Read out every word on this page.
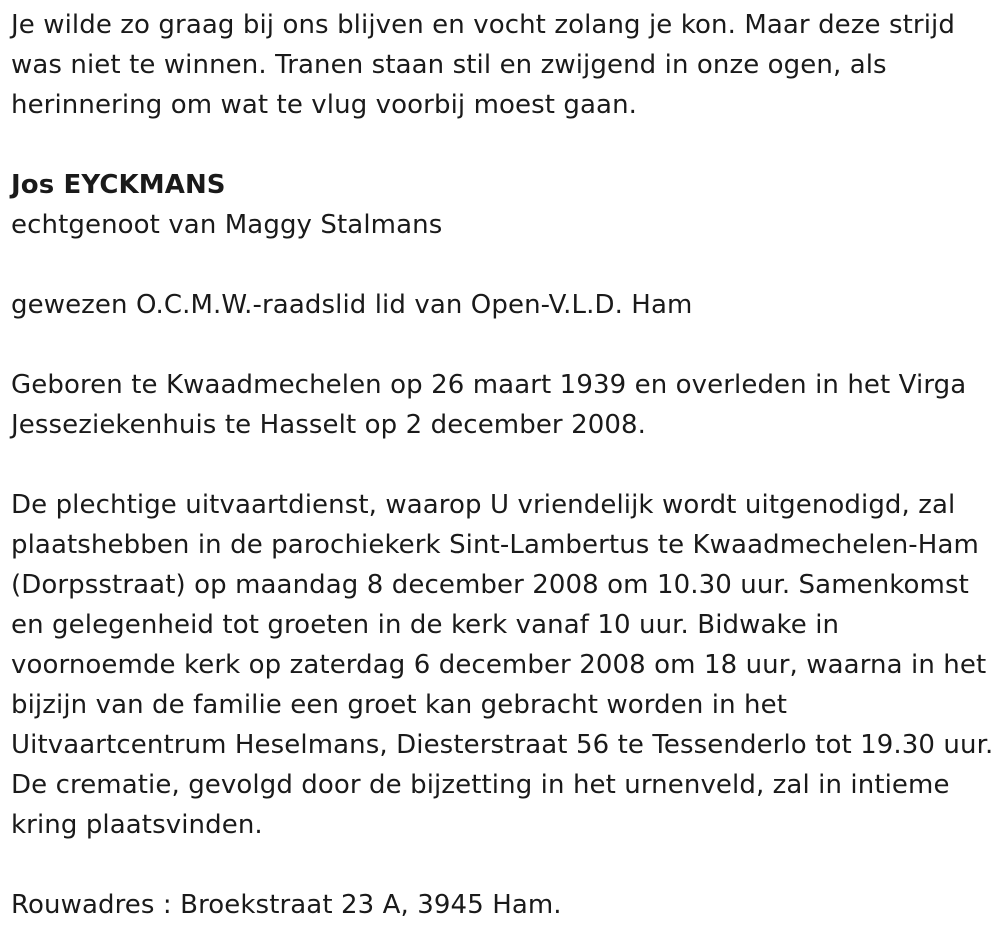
Je wilde zo graag bij ons blijven en vocht zolang je kon. Maar deze strijd was niet te winnen. Tranen staan stil en zwijgend in onze ogen, als herinnering om wat te vlug voorbij moest gaan.

Jos EYCKMANS

echtgenoot van Maggy Stalmans

gewezen O.C.M.W.-raadslid lid van Open-V.L.D. Ham

Geboren te Kwaadmechelen op 26 maart 1939 en overleden in het Virga Jesseziekenhuis te Hasselt op 2 december 2008.

De plechtige uitvaartdienst, waarop U vriendelijk wordt uitgenodigd, zal plaatshebben in de parochiekerk Sint-Lambertus te Kwaadmechelen-Ham (Dorpsstraat) op maandag 8 december 2008 om 10.30 uur. Samenkomst en gelegenheid tot groeten in de kerk vanaf 10 uur. Bidwake in voornoemde kerk op zaterdag 6 december 2008 om 18 uur, waarna in het bijzijn van de familie een groet kan gebracht worden in het Uitvaartcentrum Heselmans, Diesterstraat 56 te Tessenderlo tot 19.30 uur. De crematie, gevolgd door de bijzetting in het urnenveld, zal in intieme kring plaatsvinden.

Rouwadres : Broekstraat 23 A, 3945 Ham.
